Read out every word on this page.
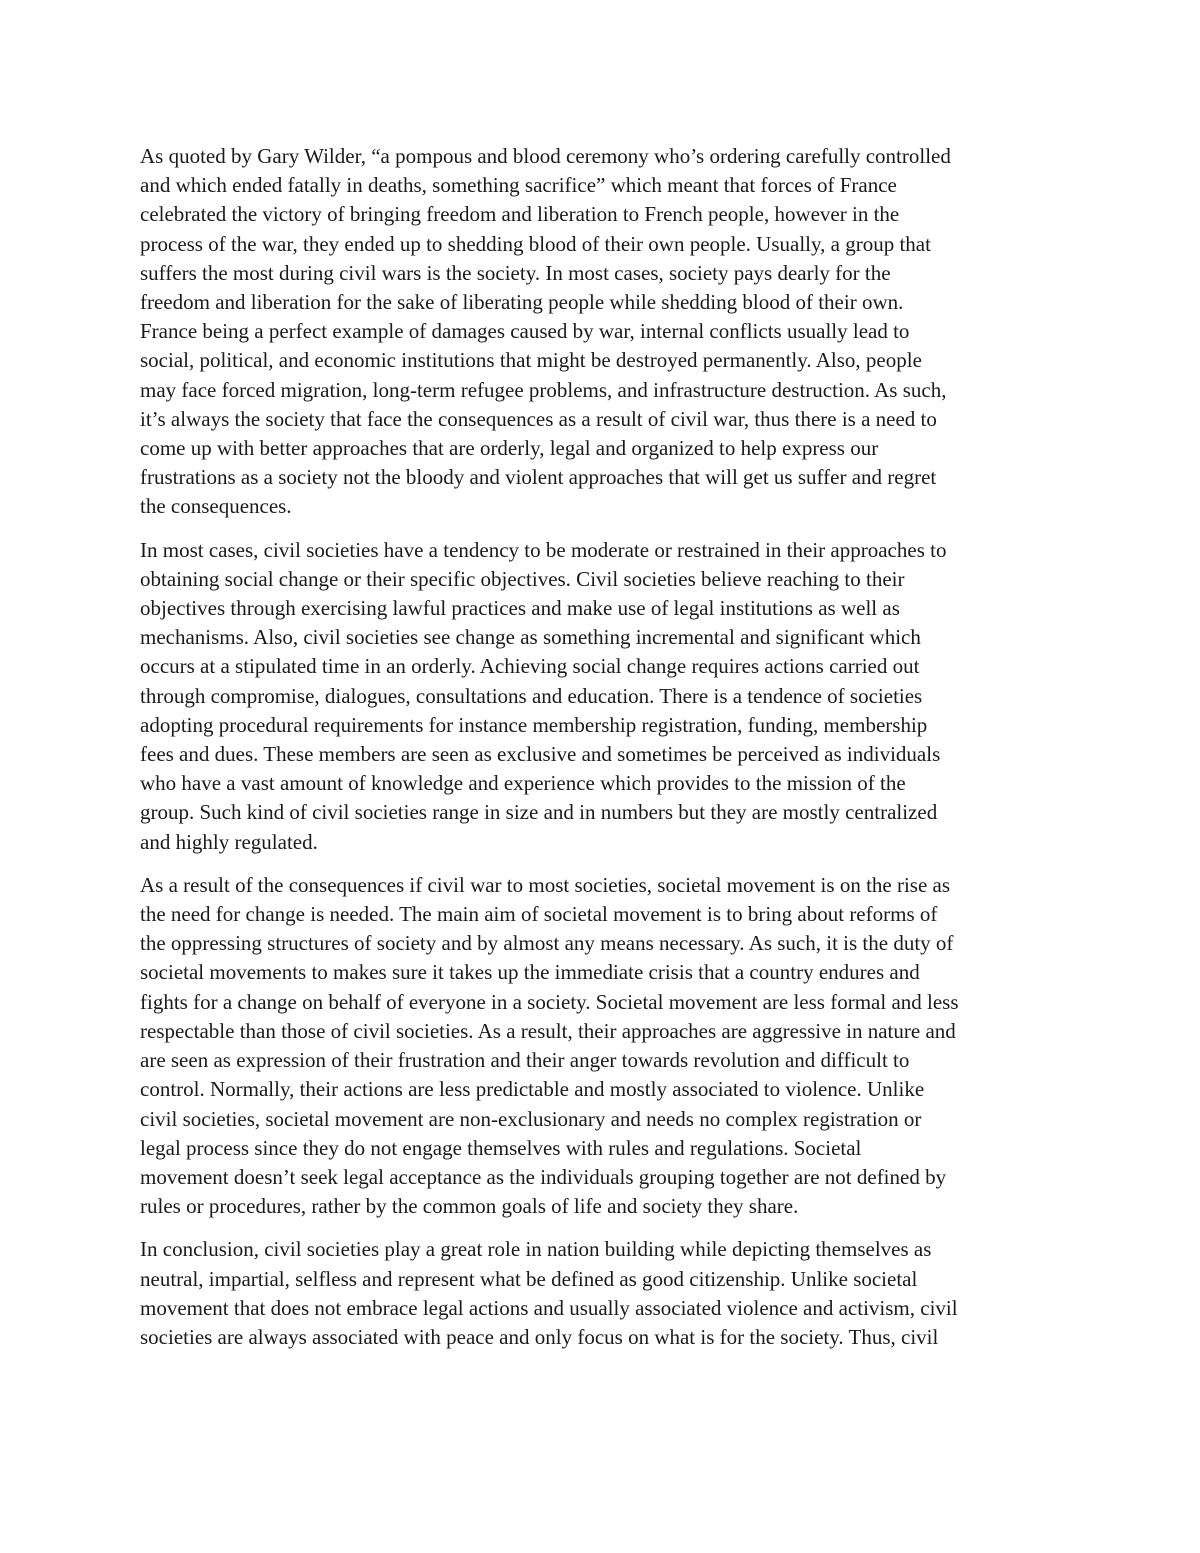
As quoted by Gary Wilder, “a pompous and blood ceremony who’s ordering carefully controlled
and which ended fatally in deaths, something sacrifice” which meant that forces of France
celebrated the victory of bringing freedom and liberation to French people, however in the
process of the war, they ended up to shedding blood of their own people. Usually, a group that
suffers the most during civil wars is the society. In most cases, society pays dearly for the
freedom and liberation for the sake of liberating people while shedding blood of their own.
France being a perfect example of damages caused by war, internal conflicts usually lead to
social, political, and economic institutions that might be destroyed permanently. Also, people
may face forced migration, long-term refugee problems, and infrastructure destruction. As such,
it’s always the society that face the consequences as a result of civil war, thus there is a need to
come up with better approaches that are orderly, legal and organized to help express our
frustrations as a society not the bloody and violent approaches that will get us suffer and regret
the consequences.

In most cases, civil societies have a tendency to be moderate or restrained in their approaches to
obtaining social change or their specific objectives. Civil societies believe reaching to their
objectives through exercising lawful practices and make use of legal institutions as well as
mechanisms. Also, civil societies see change as something incremental and significant which
occurs at a stipulated time in an orderly. Achieving social change requires actions carried out
through compromise, dialogues, consultations and education. There is a tendence of societies
adopting procedural requirements for instance membership registration, funding, membership
fees and dues. These members are seen as exclusive and sometimes be perceived as individuals
who have a vast amount of knowledge and experience which provides to the mission of the
group. Such kind of civil societies range in size and in numbers but they are mostly centralized
and highly regulated.

As a result of the consequences if civil war to most societies, societal movement is on the rise as
the need for change is needed. The main aim of societal movement is to bring about reforms of
the oppressing structures of society and by almost any means necessary. As such, it is the duty of
societal movements to makes sure it takes up the immediate crisis that a country endures and
fights for a change on behalf of everyone in a society. Societal movement are less formal and less
respectable than those of civil societies. As a result, their approaches are aggressive in nature and
are seen as expression of their frustration and their anger towards revolution and difficult to
control. Normally, their actions are less predictable and mostly associated to violence. Unlike
civil societies, societal movement are non-exclusionary and needs no complex registration or
legal process since they do not engage themselves with rules and regulations. Societal
movement doesn’t seek legal acceptance as the individuals grouping together are not defined by
rules or procedures, rather by the common goals of life and society they share.

In conclusion, civil societies play a great role in nation building while depicting themselves as
neutral, impartial, selfless and represent what be defined as good citizenship. Unlike societal
movement that does not embrace legal actions and usually associated violence and activism, civil
societies are always associated with peace and only focus on what is for the society. Thus, civil
